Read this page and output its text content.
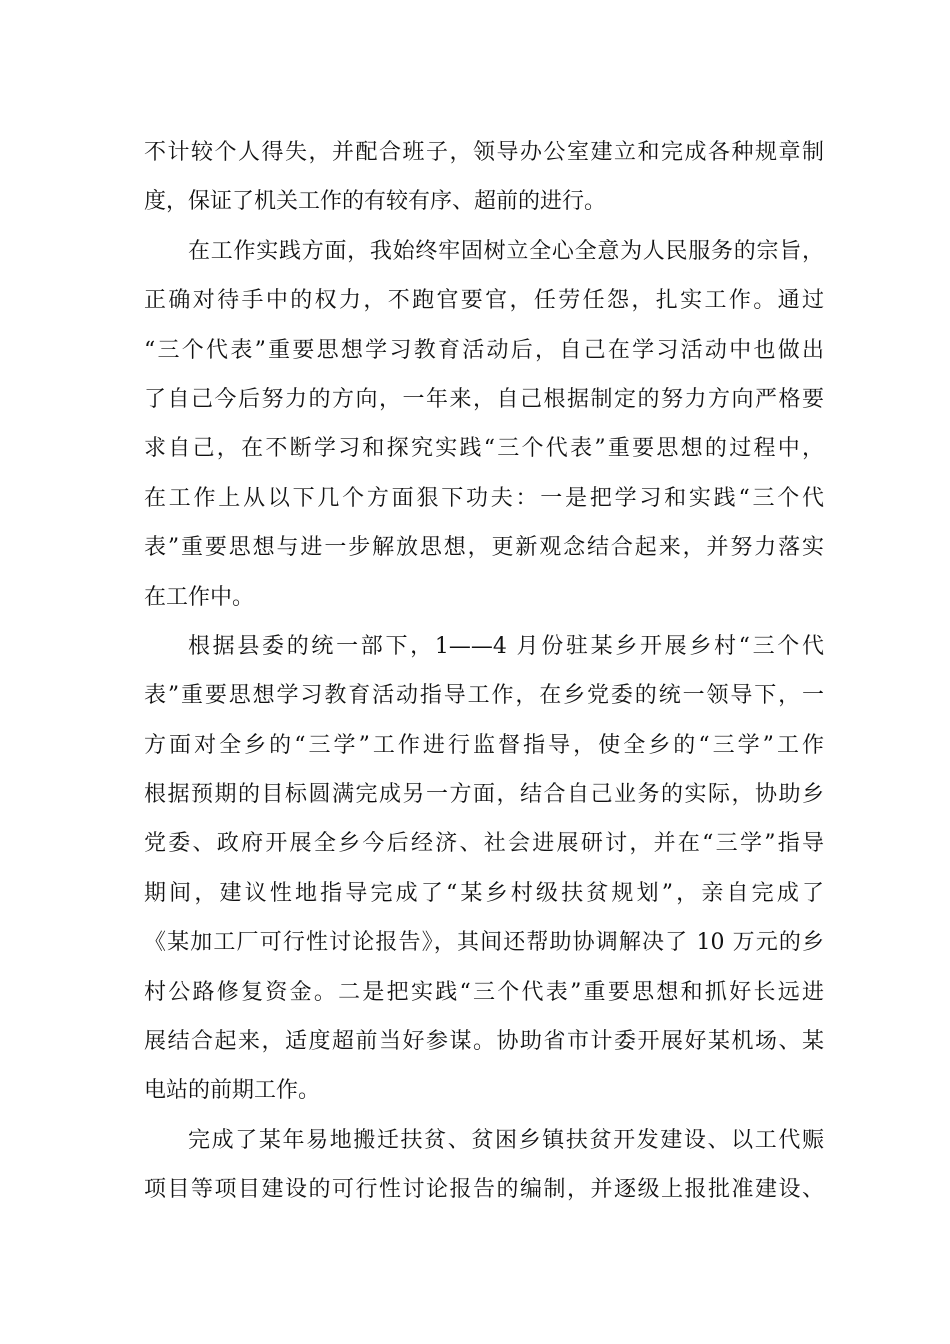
不计较个人得失，并配合班子，领导办公室建立和完成各种规章制
度，保证了机关工作的有较有序、超前的进行。
在工作实践方面，我始终牢固树立全心全意为人民服务的宗旨，
正确对待手中的权力，不跑官要官，任劳任怨，扎实工作。通过
“三个代表”重要思想学习教育活动后，自己在学习活动中也做出
了自己今后努力的方向，一年来，自己根据制定的努力方向严格要
求自己，在不断学习和探究实践“三个代表”重要思想的过程中，
在工作上从以下几个方面狠下功夫：一是把学习和实践“三个代
表”重要思想与进一步解放思想，更新观念结合起来，并努力落实
在工作中。
根据县委的统一部下，1——4 月份驻某乡开展乡村“三个代
表”重要思想学习教育活动指导工作，在乡党委的统一领导下，一
方面对全乡的“三学”工作进行监督指导，使全乡的“三学”工作
根据预期的目标圆满完成另一方面，结合自己业务的实际，协助乡
党委、政府开展全乡今后经济、社会进展研讨，并在“三学”指导
期间，建议性地指导完成了“某乡村级扶贫规划”，亲自完成了
《某加工厂可行性讨论报告》，其间还帮助协调解决了 10 万元的乡
村公路修复资金。二是把实践“三个代表”重要思想和抓好长远进
展结合起来，适度超前当好参谋。协助省市计委开展好某机场、某
电站的前期工作。
完成了某年易地搬迁扶贫、贫困乡镇扶贫开发建设、以工代赈
项目等项目建设的可行性讨论报告的编制，并逐级上报批准建设、
